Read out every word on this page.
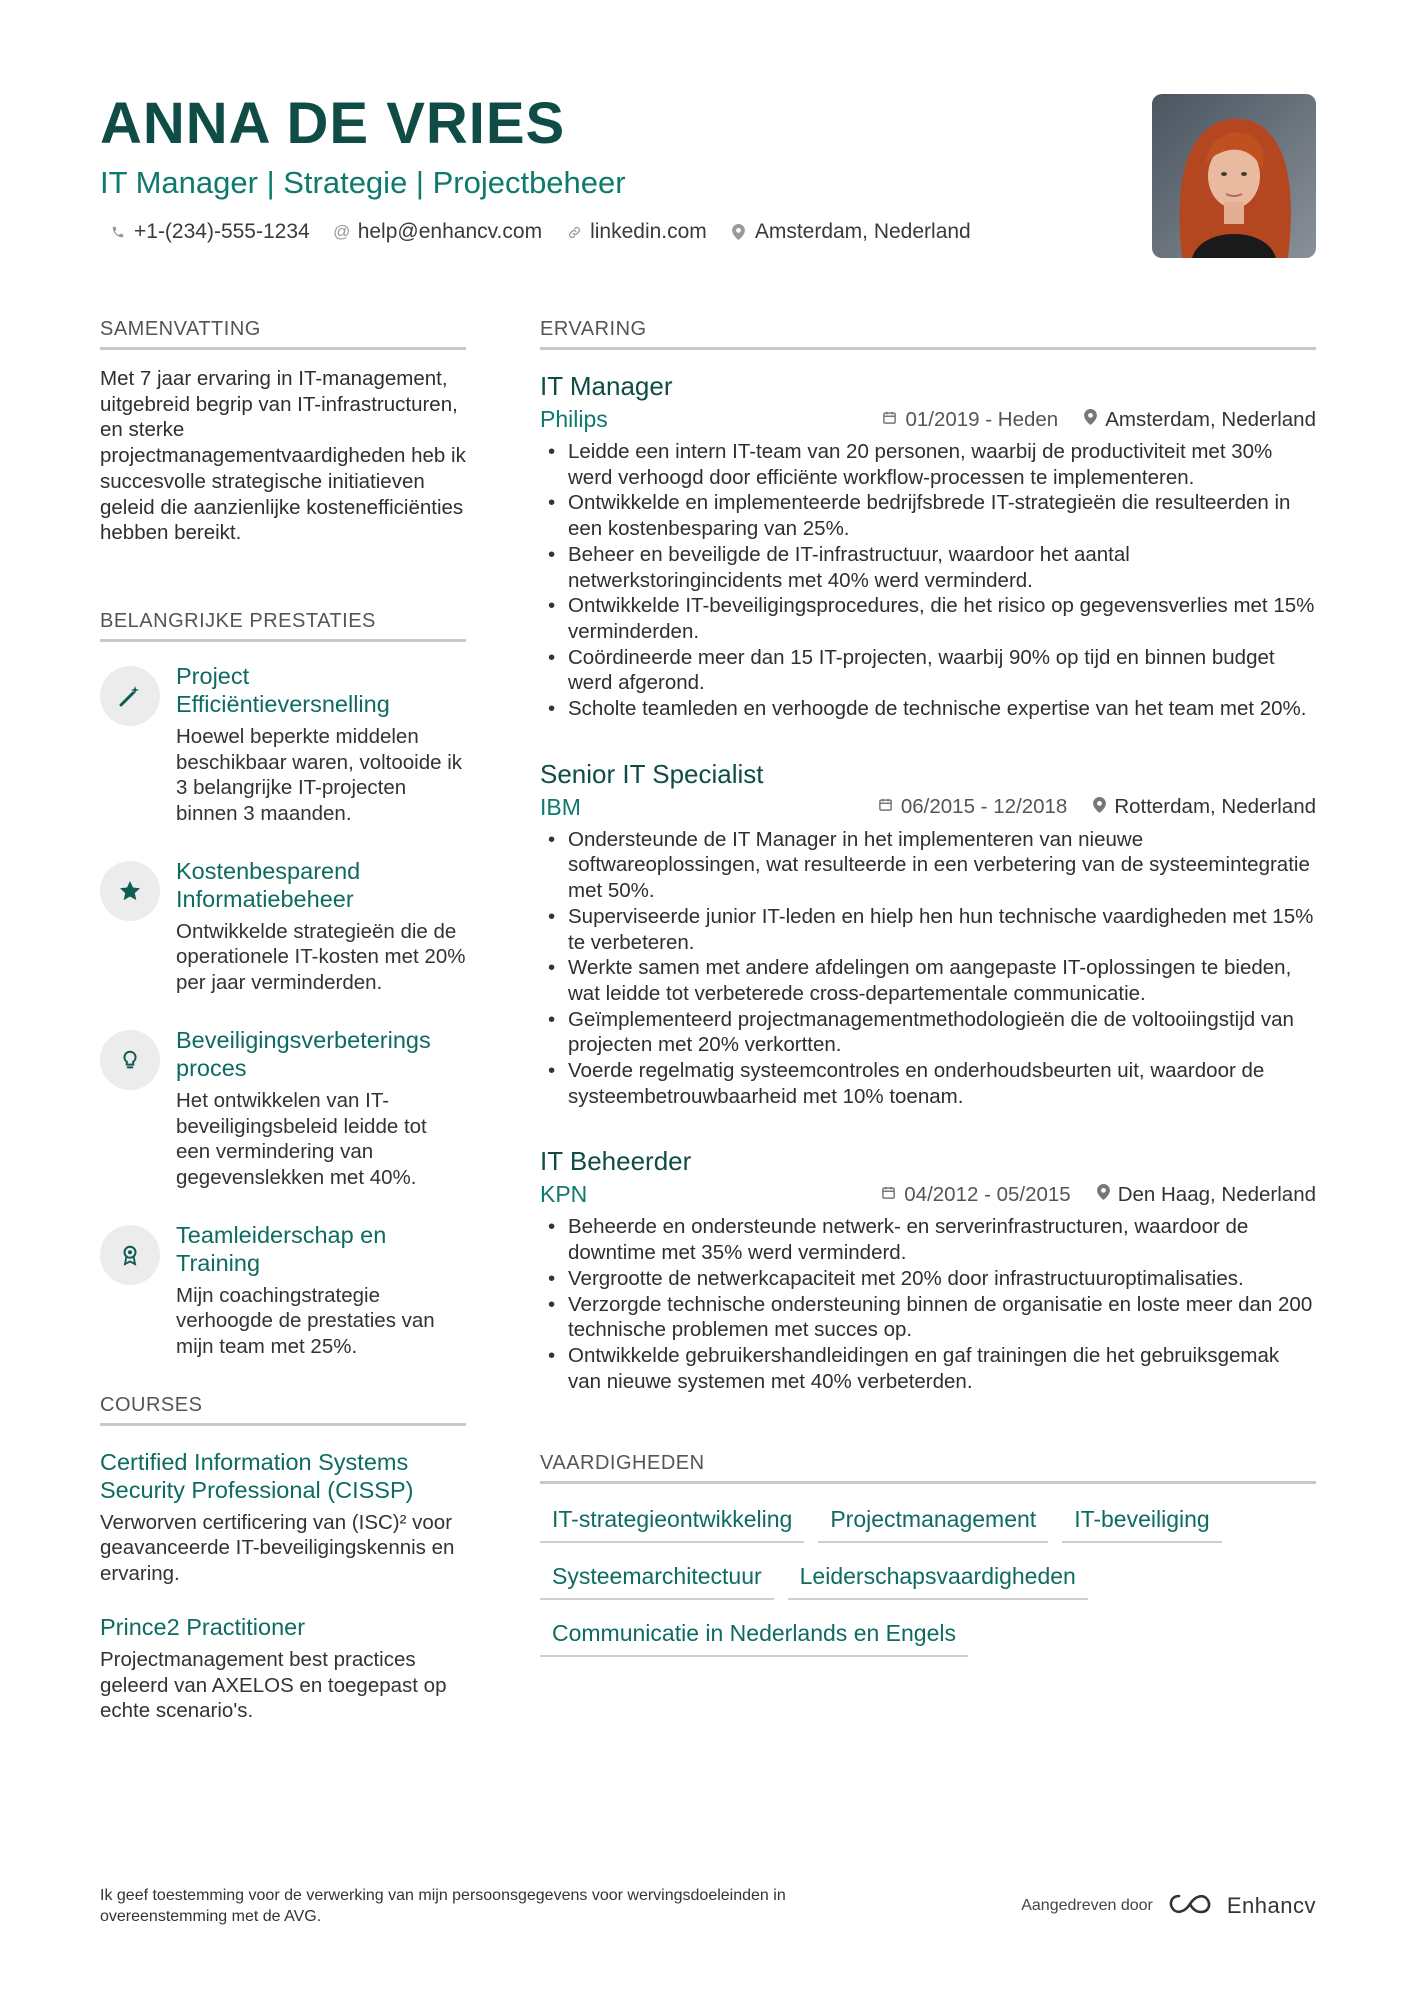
ANNA DE VRIES
IT Manager | Strategie | Projectbeheer
+1-(234)-555-1234 @ help@enhancv.com linkedin.com Amsterdam, Nederland
SAMENVATTING

Met 7 jaar ervaring in IT-management, uitgebreid begrip van IT-infrastructuren, en sterke projectmanagementvaardigheden heb ik succesvolle strategische initiatieven geleid die aanzienlijke kostenefficiënties hebben bereikt.

BELANGRIJKE PRESTATIES
Project Efficiëntieversnelling
Hoewel beperkte middelen beschikbaar waren, voltooide ik 3 belangrijke IT-projecten binnen 3 maanden.
Kostenbesparend Informatiebeheer
Ontwikkelde strategieën die de operationele IT-kosten met 20% per jaar verminderden.
Beveiligingsverbeterings proces
Het ontwikkelen van IT-beveiligingsbeleid leidde tot een vermindering van gegevenslekken met 40%.
Teamleiderschap en Training
Mijn coachingstrategie verhoogde de prestaties van mijn team met 25%.
COURSES
Certified Information Systems Security Professional (CISSP)
Verworven certificering van (ISC)² voor geavanceerde IT-beveiligingskennis en ervaring.
Prince2 Practitioner
Projectmanagement best practices geleerd van AXELOS en toegepast op echte scenario's.
ERVARING
IT Manager
Philips	01/2019 - Heden Amsterdam, Nederland
• Leidde een intern IT-team van 20 personen, waarbij de productiviteit met 30% werd verhoogd door efficiënte workflow-processen te implementeren.
• Ontwikkelde en implementeerde bedrijfsbrede IT-strategieën die resulteerden in een kostenbesparing van 25%.
• Beheer en beveiligde de IT-infrastructuur, waardoor het aantal netwerkstoringincidents met 40% werd verminderd.
• Ontwikkelde IT-beveiligingsprocedures, die het risico op gegevensverlies met 15% verminderden.
• Coördineerde meer dan 15 IT-projecten, waarbij 90% op tijd en binnen budget werd afgerond.
• Scholte teamleden en verhoogde de technische expertise van het team met 20%.
Senior IT Specialist
IBM	06/2015 - 12/2018 Rotterdam, Nederland
• Ondersteunde de IT Manager in het implementeren van nieuwe softwareoplossingen, wat resulteerde in een verbetering van de systeemintegratie met 50%.
• Superviseerde junior IT-leden en hielp hen hun technische vaardigheden met 15% te verbeteren.
• Werkte samen met andere afdelingen om aangepaste IT-oplossingen te bieden, wat leidde tot verbeterede cross-departementale communicatie.
• Geïmplementeerd projectmanagementmethodologieën die de voltooiingstijd van projecten met 20% verkortten.
• Voerde regelmatig systeemcontroles en onderhoudsbeurten uit, waardoor de systeembetrouwbaarheid met 10% toenam.
IT Beheerder
KPN	04/2012 - 05/2015 Den Haag, Nederland
• Beheerde en ondersteunde netwerk- en serverinfrastructuren, waardoor de downtime met 35% werd verminderd.
• Vergrootte de netwerkcapaciteit met 20% door infrastructuuroptimalisaties.
• Verzorgde technische ondersteuning binnen de organisatie en loste meer dan 200 technische problemen met succes op.
• Ontwikkelde gebruikershandleidingen en gaf trainingen die het gebruiksgemak van nieuwe systemen met 40% verbeterden.
VAARDIGHEDEN
IT-strategieontwikkeling	Projectmanagement	IT-beveiliging
Systeemarchitectuur	Leiderschapsvaardigheden
Communicatie in Nederlands en Engels
Ik geef toestemming voor de verwerking van mijn persoonsgegevens voor wervingsdoeleinden in overeenstemming met de AVG.
Aangedreven door	Enhancv
